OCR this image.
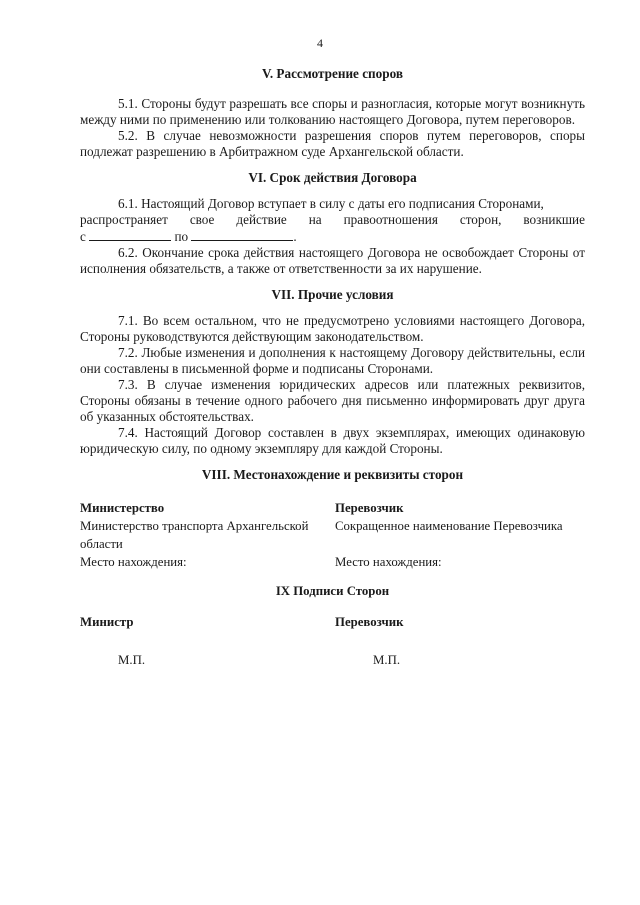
4
V. Рассмотрение споров

5.1. Стороны будут разрешать все споры и разногласия, которые могут возникнуть между ними по применению или толкованию настоящего Договора, путем переговоров.

5.2. В случае невозможности разрешения споров путем переговоров, споры подлежат разрешению в Арбитражном суде Архангельской области.

VI. Срок действия Договора

6.1. Настоящий Договор вступает в силу с даты его подписания Сторонами,

распространяет свое действие на правоотношения сторон, возникшие
с	по	.

6.2. Окончание срока действия настоящего Договора не освобождает Стороны от исполнения обязательств, а также от ответственности за их нарушение.

VII. Прочие условия

7.1. Во всем остальном, что не предусмотрено условиями настоящего Договора, Стороны руководствуются действующим законодательством.

7.2. Любые изменения и дополнения к настоящему Договору действительны, если они составлены в письменной форме и подписаны Сторонами.

7.3. В случае изменения юридических адресов или платежных реквизитов, Стороны обязаны в течение одного рабочего дня письменно информировать друг друга об указанных обстоятельствах.

7.4. Настоящий Договор составлен в двух экземплярах, имеющих одинаковую юридическую силу, по одному экземпляру для каждой Стороны.

VIII. Местонахождение и реквизиты сторон
Министерство
Министерство транспорта Архангельской области
Место нахождения:
Перевозчик
Сокращенное наименование Перевозчика
Место нахождения:
IX Подписи Сторон
Министр
М.П.
Перевозчик
М.П.
